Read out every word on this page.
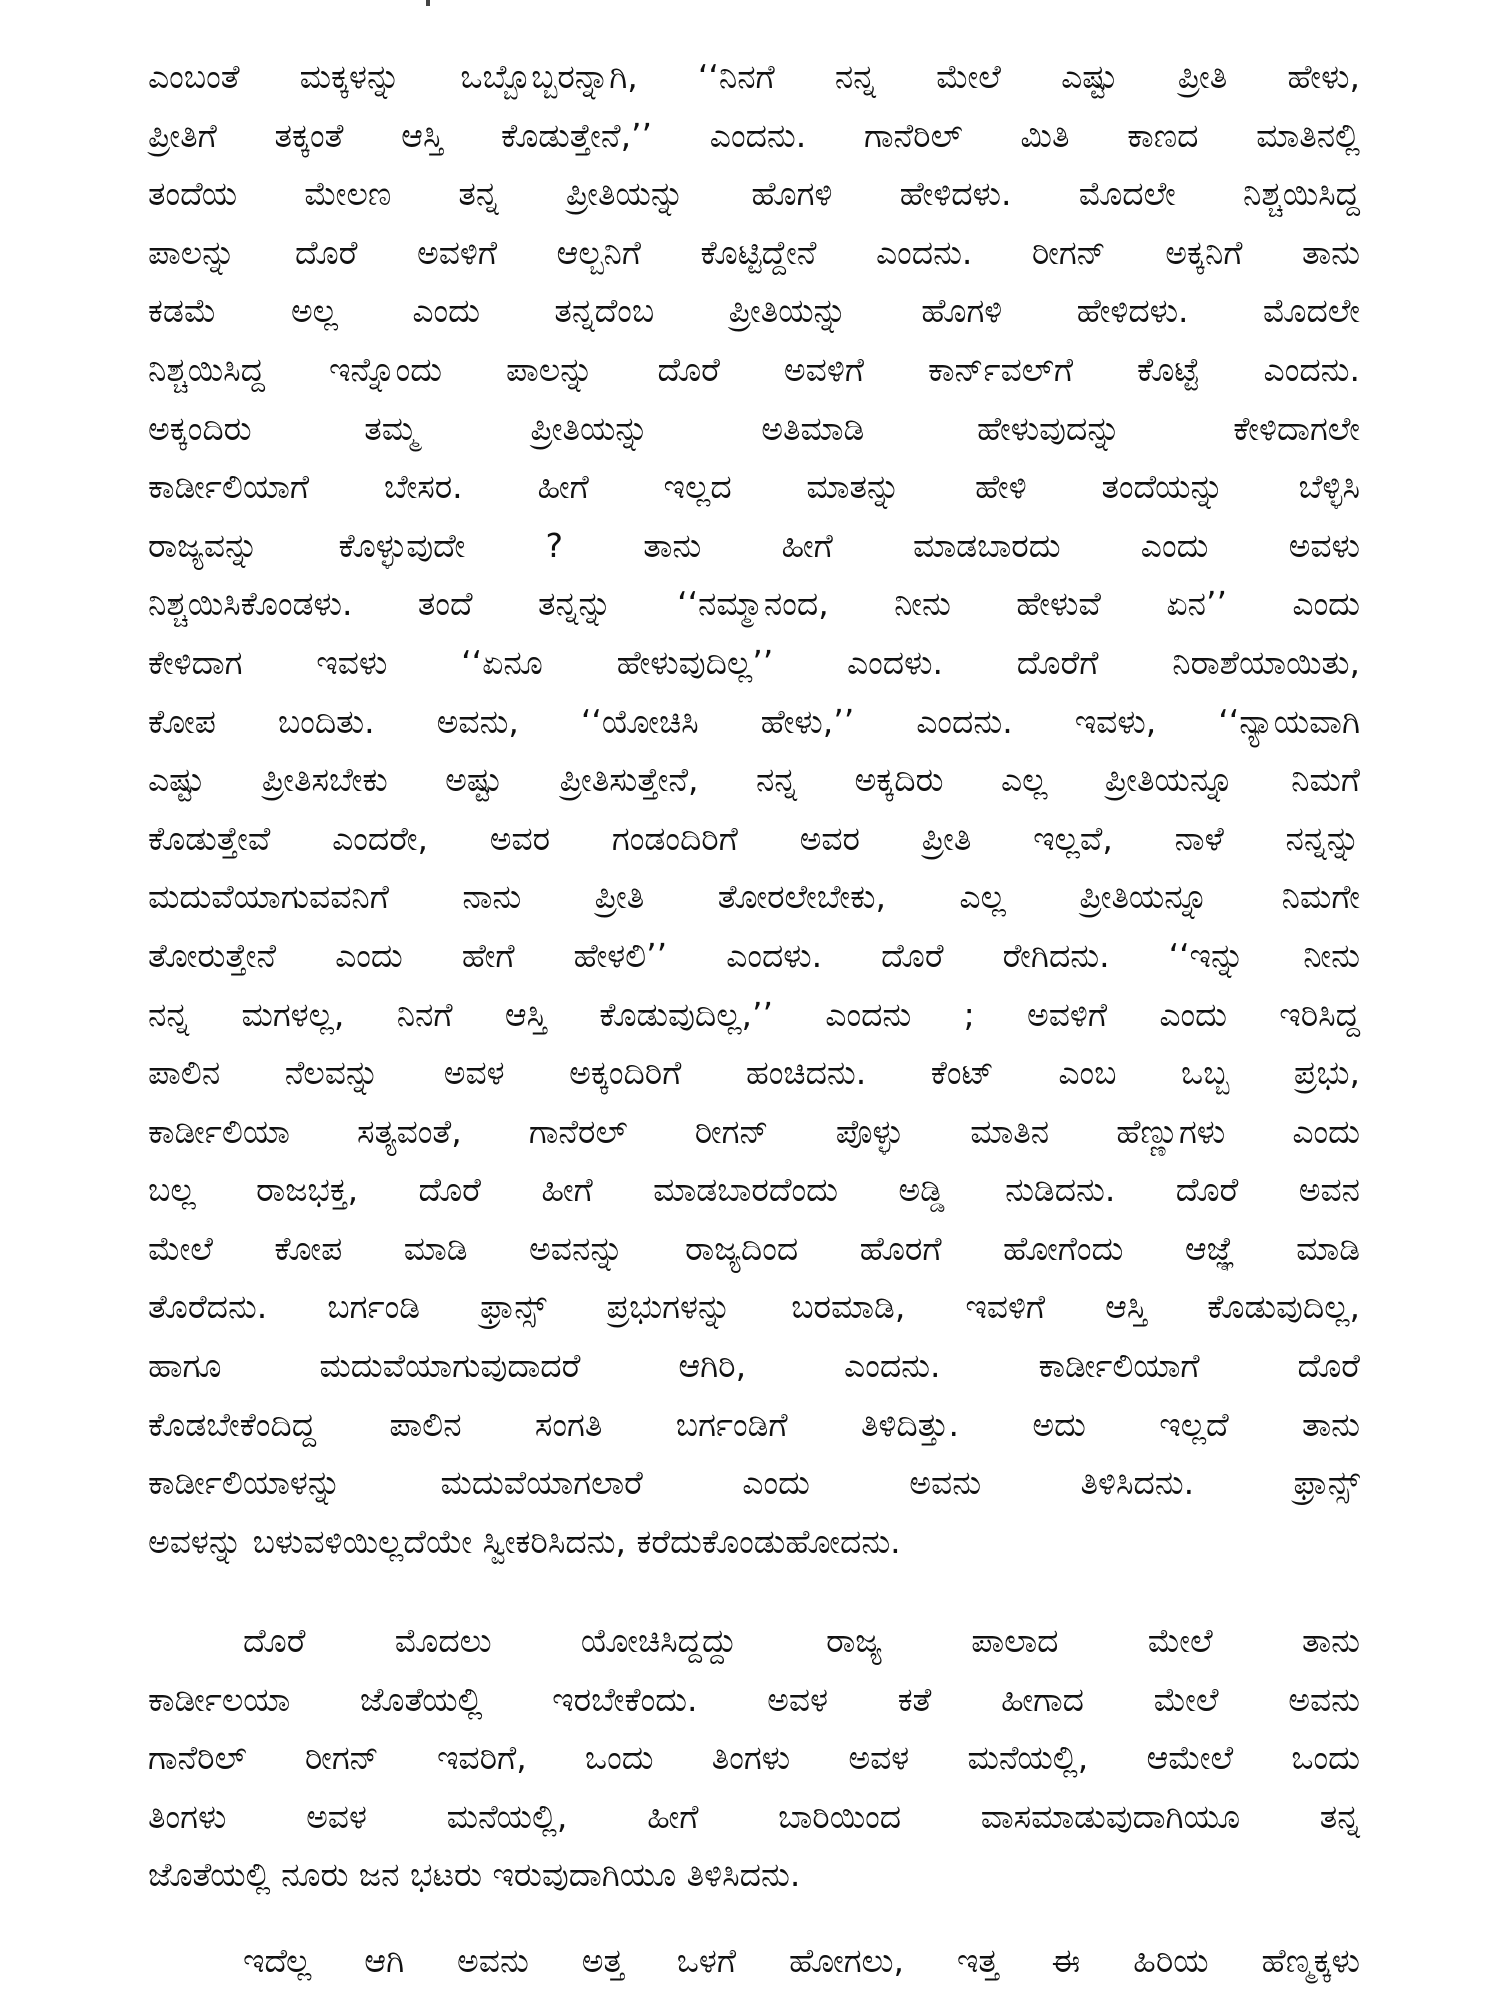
ಎಂಬಂತೆ ಮಕ್ಕಳನ್ನು ಒಬ್ಬೊಬ್ಬರನ್ನಾಗಿ, ‘‘ನಿನಗೆ ನನ್ನ ಮೇಲೆ ಎಷ್ಟು ಪ್ರೀತಿ ಹೇಳು,
ಪ್ರೀತಿಗೆ ತಕ್ಕಂತೆ ಆಸ್ತಿ ಕೊಡುತ್ತೇನೆ,’’ ಎಂದನು. ಗಾನೆರಿಲ್ ಮಿತಿ ಕಾಣದ ಮಾತಿನಲ್ಲಿ
ತಂದೆಯ ಮೇಲಣ ತನ್ನ ಪ್ರೀತಿಯನ್ನು ಹೊಗಳಿ ಹೇಳಿದಳು. ಮೊದಲೇ ನಿಶ್ಚಯಿಸಿದ್ದ
ಪಾಲನ್ನು ದೊರೆ ಅವಳಿಗೆ ಆಲ್ಬನಿಗೆ ಕೊಟ್ಟಿದ್ದೇನೆ ಎಂದನು. ರೀಗನ್ ಅಕ್ಕನಿಗೆ ತಾನು
ಕಡಮೆ ಅಲ್ಲ ಎಂದು ತನ್ನದೆಂಬ ಪ್ರೀತಿಯನ್ನು ಹೊಗಳಿ ಹೇಳಿದಳು. ಮೊದಲೇ
ನಿಶ್ಚಯಿಸಿದ್ದ ಇನ್ನೊಂದು ಪಾಲನ್ನು ದೊರೆ ಅವಳಿಗೆ ಕಾರ್ನ್‌ವಲ್‌ಗೆ ಕೊಟ್ಟೆ ಎಂದನು.
ಅಕ್ಕಂದಿರು ತಮ್ಮ ಪ್ರೀತಿಯನ್ನು ಅತಿಮಾಡಿ ಹೇಳುವುದನ್ನು ಕೇಳಿದಾಗಲೇ
ಕಾರ್ಡೀಲಿಯಾಗೆ ಬೇಸರ. ಹೀಗೆ ಇಲ್ಲದ ಮಾತನ್ನು ಹೇಳಿ ತಂದೆಯನ್ನು ಬೆಳ್ಳಿಸಿ
ರಾಜ್ಯವನ್ನು ಕೊಳ್ಳುವುದೇ ? ತಾನು ಹೀಗೆ ಮಾಡಬಾರದು ಎಂದು ಅವಳು
ನಿಶ್ಚಯಿಸಿಕೊಂಡಳು. ತಂದೆ ತನ್ನನ್ನು ‘‘ನಮ್ಮಾನಂದ, ನೀನು ಹೇಳುವೆ ಏನ’’ ಎಂದು
ಕೇಳಿದಾಗ ಇವಳು ‘‘ಏನೂ ಹೇಳುವುದಿಲ್ಲ’’ ಎಂದಳು. ದೊರೆಗೆ ನಿರಾಶೆಯಾಯಿತು,
ಕೋಪ ಬಂದಿತು. ಅವನು, ‘‘ಯೋಚಿಸಿ ಹೇಳು,’’ ಎಂದನು. ಇವಳು, ‘‘ನ್ಯಾಯವಾಗಿ
ಎಷ್ಟು ಪ್ರೀತಿಸಬೇಕು ಅಷ್ಟು ಪ್ರೀತಿಸುತ್ತೇನೆ, ನನ್ನ ಅಕ್ಕದಿರು ಎಲ್ಲ ಪ್ರೀತಿಯನ್ನೂ ನಿಮಗೆ
ಕೊಡುತ್ತೇವೆ ಎಂದರೇ, ಅವರ ಗಂಡಂದಿರಿಗೆ ಅವರ ಪ್ರೀತಿ ಇಲ್ಲವೆ, ನಾಳೆ ನನ್ನನ್ನು
ಮದುವೆಯಾಗುವವನಿಗೆ ನಾನು ಪ್ರೀತಿ ತೋರಲೇಬೇಕು, ಎಲ್ಲ ಪ್ರೀತಿಯನ್ನೂ ನಿಮಗೇ
ತೋರುತ್ತೇನೆ ಎಂದು ಹೇಗೆ ಹೇಳಲಿ’’ ಎಂದಳು. ದೊರೆ ರೇಗಿದನು. ‘‘ಇನ್ನು ನೀನು
ನನ್ನ ಮಗಳಲ್ಲ, ನಿನಗೆ ಆಸ್ತಿ ಕೊಡುವುದಿಲ್ಲ,’’ ಎಂದನು ; ಅವಳಿಗೆ ಎಂದು ಇರಿಸಿದ್ದ
ಪಾಲಿನ ನೆಲವನ್ನು ಅವಳ ಅಕ್ಕಂದಿರಿಗೆ ಹಂಚಿದನು. ಕೆಂಟ್ ಎಂಬ ಒಬ್ಬ ಪ್ರಭು,
ಕಾರ್ಡೀಲಿಯಾ ಸತ್ಯವಂತೆ, ಗಾನೆರಲ್ ರೀಗನ್ ಪೊಳ್ಳು ಮಾತಿನ ಹೆಣ್ಣುಗಳು ಎಂದು
ಬಲ್ಲ ರಾಜಭಕ್ತ, ದೊರೆ ಹೀಗೆ ಮಾಡಬಾರದೆಂದು ಅಡ್ಡಿ ನುಡಿದನು. ದೊರೆ ಅವನ
ಮೇಲೆ ಕೋಪ ಮಾಡಿ ಅವನನ್ನು ರಾಜ್ಯದಿಂದ ಹೊರಗೆ ಹೋಗೆಂದು ಆಜ್ಞೆ ಮಾಡಿ
ತೊರೆದನು. ಬರ್ಗಂಡಿ ಫ್ರಾನ್ಸ್ ಪ್ರಭುಗಳನ್ನು ಬರಮಾಡಿ, ಇವಳಿಗೆ ಆಸ್ತಿ ಕೊಡುವುದಿಲ್ಲ,
ಹಾಗೂ ಮದುವೆಯಾಗುವುದಾದರೆ ಆಗಿರಿ, ಎಂದನು. ಕಾರ್ಡೀಲಿಯಾಗೆ ದೊರೆ
ಕೊಡಬೇಕೆಂದಿದ್ದ ಪಾಲಿನ ಸಂಗತಿ ಬರ್ಗಂಡಿಗೆ ತಿಳಿದಿತ್ತು. ಅದು ಇಲ್ಲದೆ ತಾನು
ಕಾರ್ಡೀಲಿಯಾಳನ್ನು ಮದುವೆಯಾಗಲಾರೆ ಎಂದು ಅವನು ತಿಳಿಸಿದನು. ಫ್ರಾನ್ಸ್
ಅವಳನ್ನು ಬಳುವಳಿಯಿಲ್ಲದೆಯೇ ಸ್ವೀಕರಿಸಿದನು, ಕರೆದುಕೊಂಡುಹೋದನು.
ದೊರೆ ಮೊದಲು ಯೋಚಿಸಿದ್ದದ್ದು ರಾಜ್ಯ ಪಾಲಾದ ಮೇಲೆ ತಾನು
ಕಾರ್ಡೀಲಯಾ ಜೊತೆಯಲ್ಲಿ ಇರಬೇಕೆಂದು. ಅವಳ ಕತೆ ಹೀಗಾದ ಮೇಲೆ ಅವನು
ಗಾನೆರಿಲ್ ರೀಗನ್ ಇವರಿಗೆ, ಒಂದು ತಿಂಗಳು ಅವಳ ಮನೆಯಲ್ಲಿ, ಆಮೇಲೆ ಒಂದು
ತಿಂಗಳು ಅವಳ ಮನೆಯಲ್ಲಿ, ಹೀಗೆ ಬಾರಿಯಿಂದ ವಾಸಮಾಡುವುದಾಗಿಯೂ ತನ್ನ
ಜೊತೆಯಲ್ಲಿ ನೂರು ಜನ ಭಟರು ಇರುವುದಾಗಿಯೂ ತಿಳಿಸಿದನು.
ಇದೆಲ್ಲ ಆಗಿ ಅವನು ಅತ್ತ ಒಳಗೆ ಹೋಗಲು, ಇತ್ತ ಈ ಹಿರಿಯ ಹೆಣ್ಮಕ್ಕಳು
